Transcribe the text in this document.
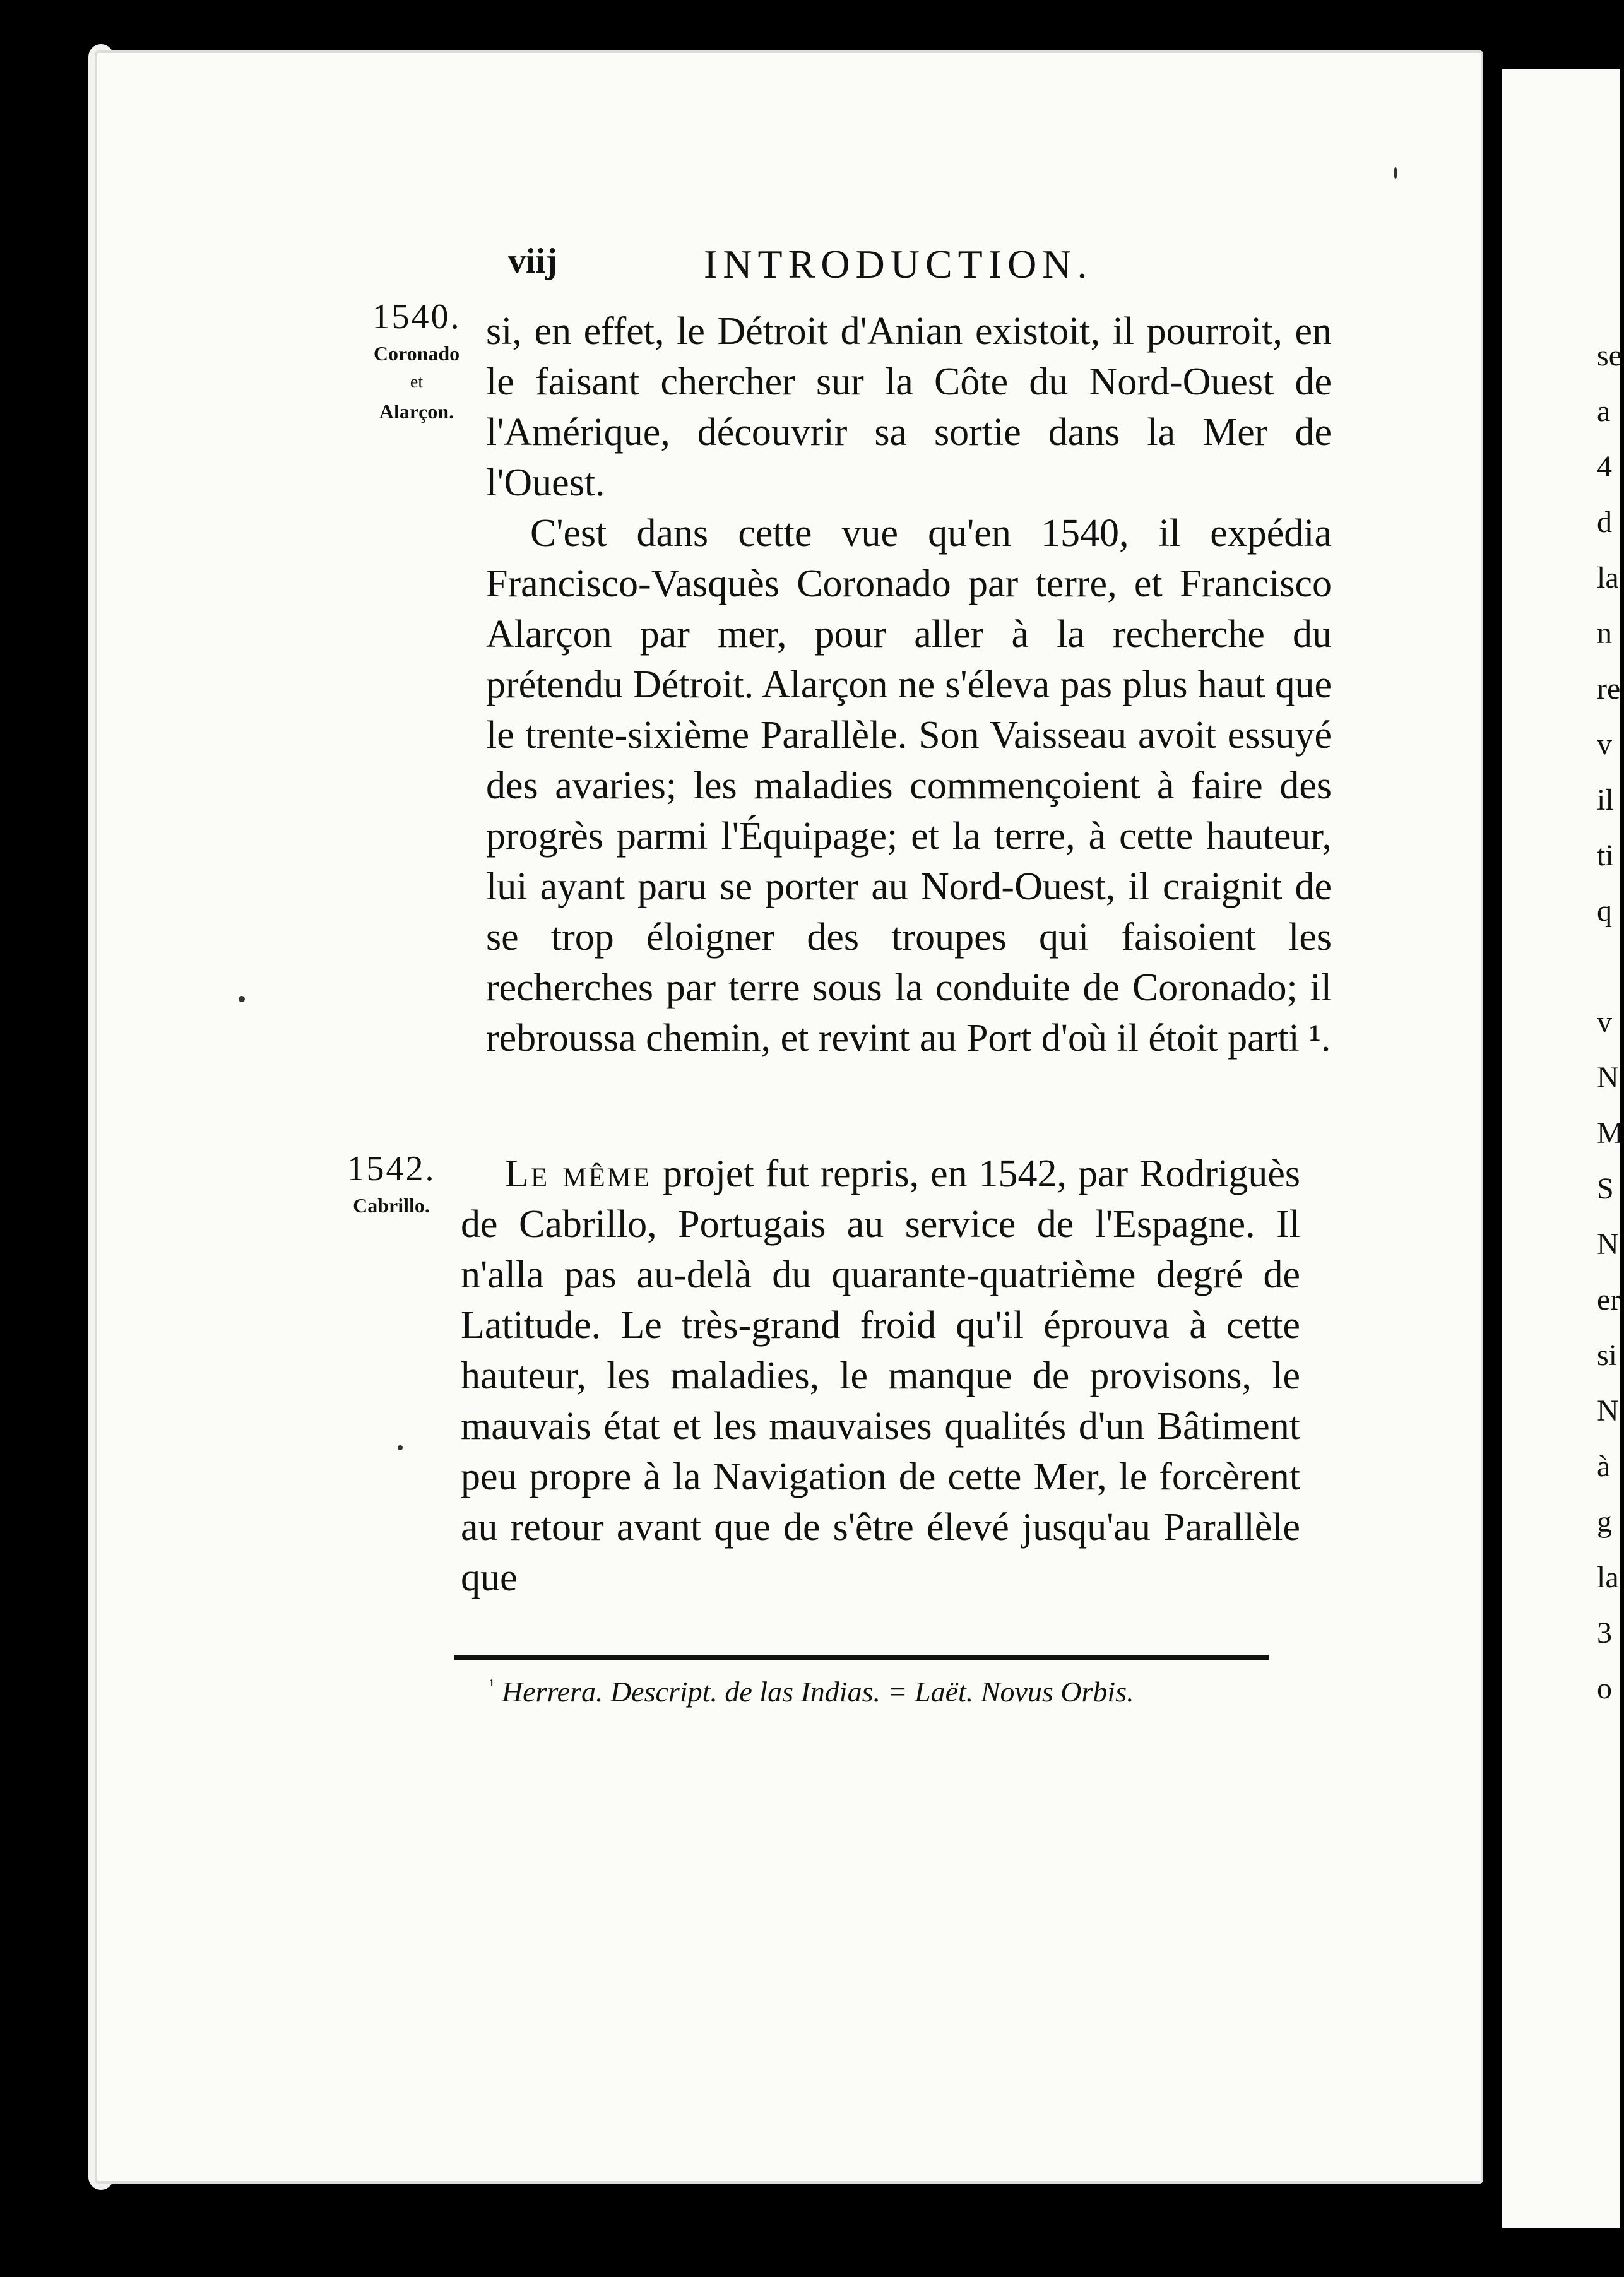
se
a
4
d
la
n
re
v
il
ti
q
v
N
M
S
N
er
si
N
à
g
la
3
o
viij	INTRODUCTION.
1540.
Coronado
et
Alarçon.
1542.
Cabrillo.

si, en effet, le Détroit d'Anian existoit, il pourroit, en le faisant chercher sur la Côte du Nord-Ouest de l'Amérique, découvrir sa sortie dans la Mer de l'Ouest.

C'est dans cette vue qu'en 1540, il expédia Francisco-Vasquès Coronado par terre, et Francisco Alarçon par mer, pour aller à la recherche du prétendu Détroit. Alarçon ne s'éleva pas plus haut que le trente-sixième Parallèle. Son Vaisseau avoit essuyé des avaries; les maladies commençoient à faire des progrès parmi l'Équipage; et la terre, à cette hauteur, lui ayant paru se porter au Nord-Ouest, il craignit de se trop éloigner des troupes qui faisoient les recherches par terre sous la conduite de Coronado; il rebroussa chemin, et revint au Port d'où il étoit parti ¹.

Le même projet fut repris, en 1542, par Rodriguès de Cabrillo, Portugais au service de l'Espagne. Il n'alla pas au-delà du quarante-quatrième degré de Latitude. Le très-grand froid qu'il éprouva à cette hauteur, les maladies, le manque de provisons, le mauvais état et les mauvaises qualités d'un Bâtiment peu propre à la Navigation de cette Mer, le forcèrent au retour avant que de s'être élevé jusqu'au Parallèle que

$^{^1}$ Herrera. Descript. de las Indias. = Laët. Novus Orbis.
